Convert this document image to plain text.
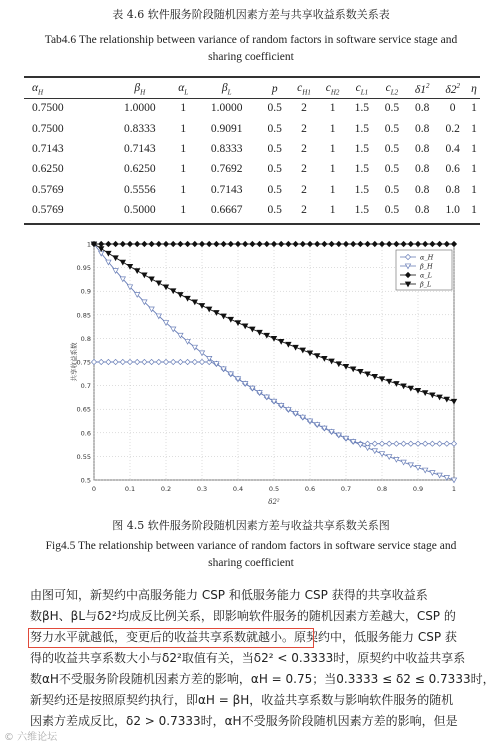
表 4.6 软件服务阶段随机因素方差与共享收益系数关系表
Tab4.6 The relationship between variance of random factors in software service stage and
sharing coefficient
$\alpha_H$	$\beta_H$	$\alpha_L$	$\beta_L$	p	$c_{H1}$	$c_{H2}$	$c_{L1}$	$c_{L2}$	$\delta 1^2$	$\delta 2^2$	η
0.7500	1.0000	1	1.0000	0.5	2	1	1.5	0.5	0.8	0	1
0.7500	0.8333	1	0.9091	0.5	2	1	1.5	0.5	0.8	0.2	1
0.7143	0.7143	1	0.8333	0.5	2	1	1.5	0.5	0.8	0.4	1
0.6250	0.6250	1	0.7692	0.5	2	1	1.5	0.5	0.8	0.6	1
0.5769	0.5556	1	0.7143	0.5	2	1	1.5	0.5	0.8	0.8	1
0.5769	0.5000	1	0.6667	0.5	2	1	1.5	0.5	0.8	1.0	1
0	0.1	0.2	0.3	0.4	0.5	0.6	0.7	0.8	0.9	1
0.5
0.55
0.6
0.65
0.7
0.75
0.8
0.85
0.9
0.95
1
δ2²
共享收益系数
α_H
β_H
α_L
β_L
图 4.5 软件服务阶段随机因素方差与收益共享系数关系图
Fig4.5 The relationship between variance of random factors in software service stage and
sharing coefficient
由图可知，新契约中高服务能力 CSP 和低服务能力 CSP 获得的共享收益系
数βH、βL与δ2²均成反比例关系，即影响软件服务的随机因素方差越大，CSP 的
努力水平就越低，变更后的收益共享系数就越小。原契约中，低服务能力 CSP 获
得的收益共享系数大小与δ2²取值有关，当δ2² < 0.3333时，原契约中收益共享系
数αH不受服务阶段随机因素方差的影响，αH = 0.75；当0.3333 ≤ δ2 ≤ 0.7333时，
新契约还是按照原契约执行，即αH = βH，收益共享系数与影响软件服务的随机
因素方差成反比，δ2 > 0.7333时，αH不受服务阶段随机因素方差的影响，但是
© 六维论坛
